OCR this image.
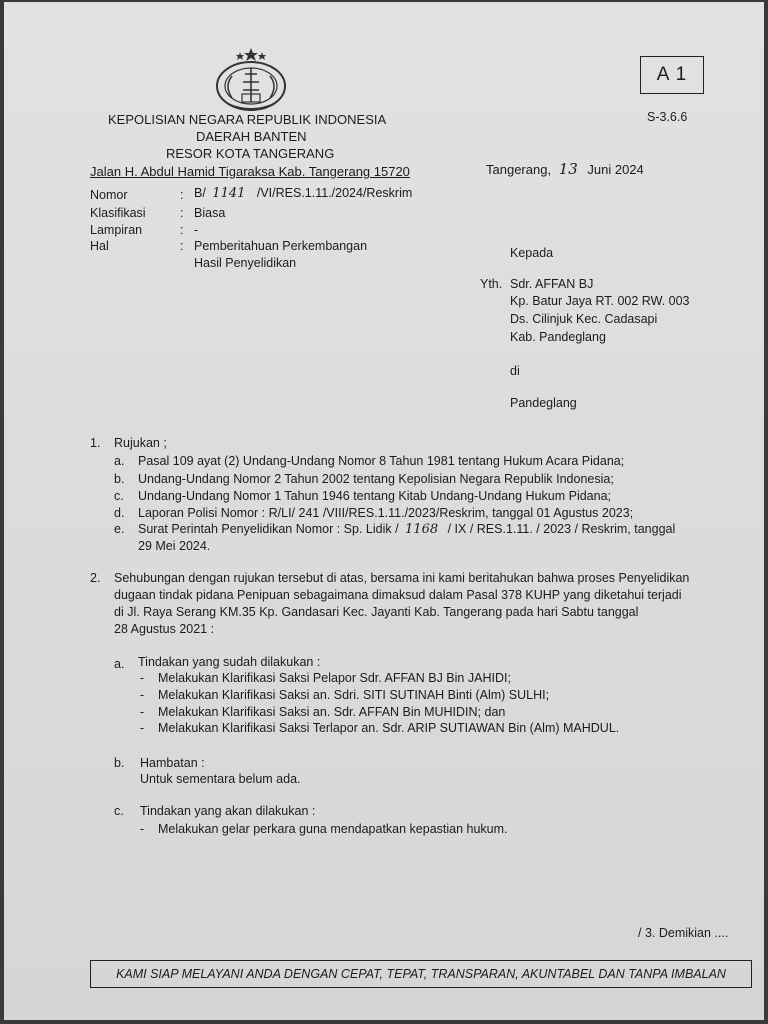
KEPOLISIAN NEGARA REPUBLIK INDONESIA
DAERAH BANTEN
RESOR KOTA TANGERANG
Jalan H. Abdul Hamid Tigaraksa Kab. Tangerang 15720
A 1
S-3.6.6
Tangerang, 13 Juni 2024
Nomor	: B/ 1141 /VI/RES.1.11./2024/Reskrim
Klasifikasi	: Biasa
Lampiran	: -
Hal	: Pemberitahuan Perkembangan
Hasil Penyelidikan
Kepada
Yth. Sdr. AFFAN BJ
Kp. Batur Jaya RT. 002 RW. 003
Ds. Cilinjuk Kec. Cadasapi
Kab. Pandeglang
di
Pandeglang
1. Rujukan ;
a. Pasal 109 ayat (2) Undang-Undang Nomor 8 Tahun 1981 tentang Hukum Acara Pidana;
b. Undang-Undang Nomor 2 Tahun 2002 tentang Kepolisian Negara Republik Indonesia;
c. Undang-Undang Nomor 1 Tahun 1946 tentang Kitab Undang-Undang Hukum Pidana;
d. Laporan Polisi Nomor : R/LI/ 241 /VIII/RES.1.11./2023/Reskrim, tanggal 01 Agustus 2023;
e. Surat Perintah Penyelidikan Nomor : Sp. Lidik / 1168 / IX / RES.1.11. / 2023 / Reskrim, tanggal
29 Mei 2024.
2. Sehubungan dengan rujukan tersebut di atas, bersama ini kami beritahukan bahwa proses Penyelidikan
dugaan tindak pidana Penipuan sebagaimana dimaksud dalam Pasal 378 KUHP yang diketahui terjadi
di Jl. Raya Serang KM.35 Kp. Gandasari Kec. Jayanti Kab. Tangerang pada hari Sabtu tanggal
28 Agustus 2021 :
a. Tindakan yang sudah dilakukan :
- Melakukan Klarifikasi Saksi Pelapor Sdr. AFFAN BJ Bin JAHIDI;
- Melakukan Klarifikasi Saksi an. Sdri. SITI SUTINAH Binti (Alm) SULHI;
- Melakukan Klarifikasi Saksi an. Sdr. AFFAN Bin MUHIDIN; dan
- Melakukan Klarifikasi Saksi Terlapor an. Sdr. ARIP SUTIAWAN Bin (Alm) MAHDUL.
b. Hambatan :
Untuk sementara belum ada.
c. Tindakan yang akan dilakukan :
- Melakukan gelar perkara guna mendapatkan kepastian hukum.
/ 3. Demikian ....
KAMI SIAP MELAYANI ANDA DENGAN CEPAT, TEPAT, TRANSPARAN, AKUNTABEL DAN TANPA IMBALAN
